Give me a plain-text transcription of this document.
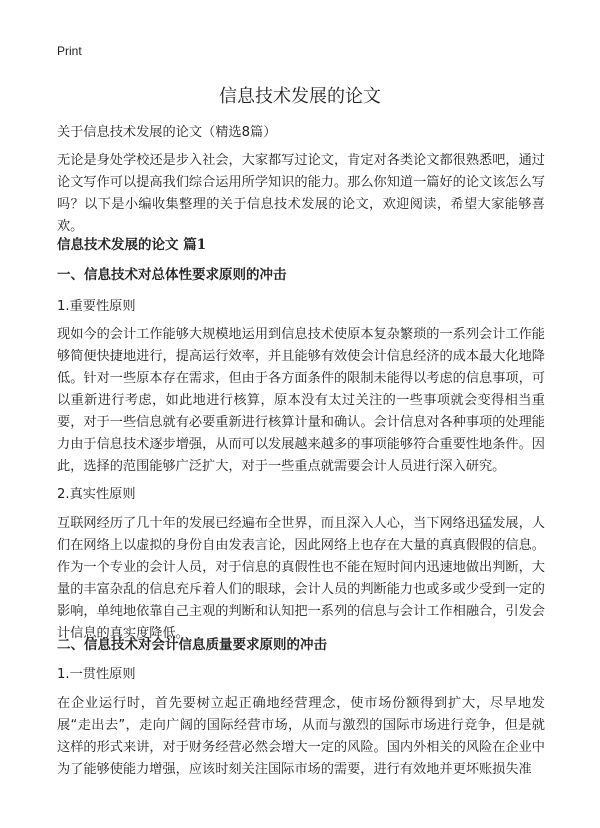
Print
信息技术发展的论文

关于信息技术发展的论文（精选8篇）

无论是身处学校还是步入社会，大家都写过论文，肯定对各类论文都很熟悉吧，通过论文写作可以提高我们综合运用所学知识的能力。那么你知道一篇好的论文该怎么写吗？以下是小编收集整理的关于信息技术发展的论文，欢迎阅读，希望大家能够喜欢。

信息技术发展的论文 篇1

一、信息技术对总体性要求原则的冲击

1.重要性原则

现如今的会计工作能够大规模地运用到信息技术使原本复杂繁琐的一系列会计工作能够简便快捷地进行，提高运行效率，并且能够有效使会计信息经济的成本最大化地降低。针对一些原本存在需求，但由于各方面条件的限制未能得以考虑的信息事项，可以重新进行考虑，如此地进行核算，原本没有太过关注的一些事项就会变得相当重要，对于一些信息就有必要重新进行核算计量和确认。会计信息对各种事项的处理能力由于信息技术逐步增强，从而可以发展越来越多的事项能够符合重要性地条件。因此，选择的范围能够广泛扩大，对于一些重点就需要会计人员进行深入研究。

2.真实性原则

互联网经历了几十年的发展已经遍布全世界，而且深入人心，当下网络迅猛发展，人们在网络上以虚拟的身份自由发表言论，因此网络上也存在大量的真真假假的信息。作为一个专业的会计人员，对于信息的真假性也不能在短时间内迅速地做出判断，大量的丰富杂乱的信息充斥着人们的眼球，会计人员的判断能力也或多或少受到一定的影响，单纯地依靠自己主观的判断和认知把一系列的信息与会计工作相融合，引发会计信息的真实度降低。

二、信息技术对会计信息质量要求原则的冲击

1.一贯性原则

在企业运行时，首先要树立起正确地经营理念，使市场份额得到扩大，尽早地发展“走出去”，走向广阔的国际经营市场，从而与激烈的国际市场进行竞争，但是就这样的形式来讲，对于财务经营必然会增大一定的风险。国内外相关的风险在企业中为了能够使能力增强，应该时刻关注国际市场的需要，进行有效地并更坏账损失准
